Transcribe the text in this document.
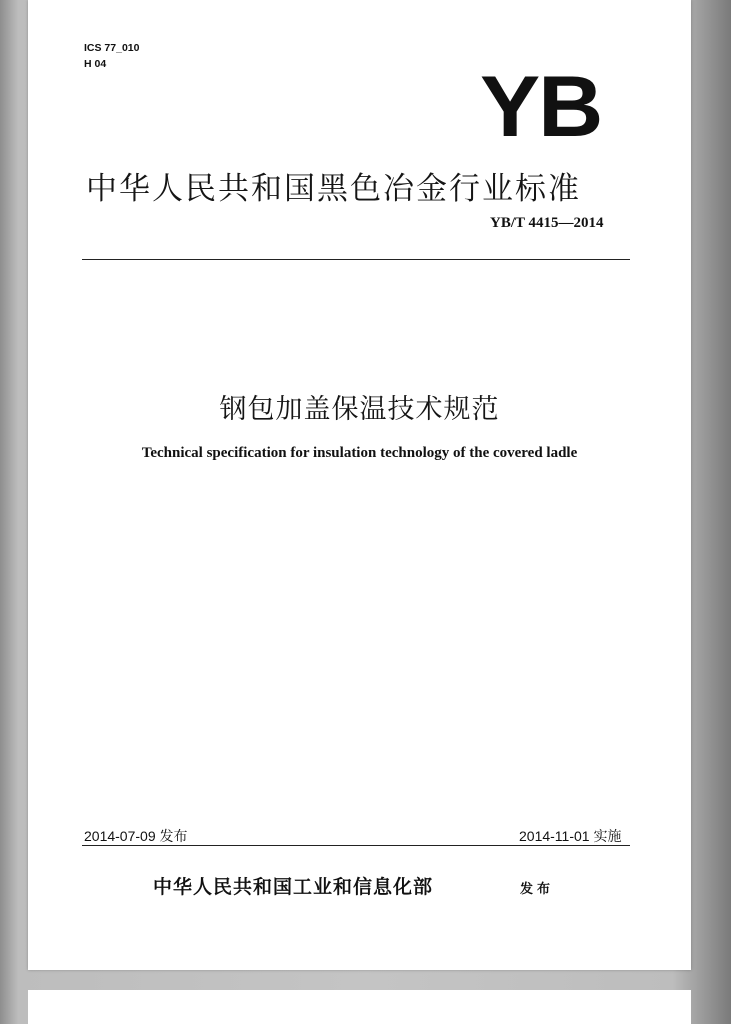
ICS 77_010
H 04	YB
中华人民共和国黑色冶金行业标准
YB/T 4415—2014
钢包加盖保温技术规范
Technical specification for insulation technology of the covered ladle
2014-07-09 发布	2014-11-01 实施
中华人民共和国工业和信息化部	发布
